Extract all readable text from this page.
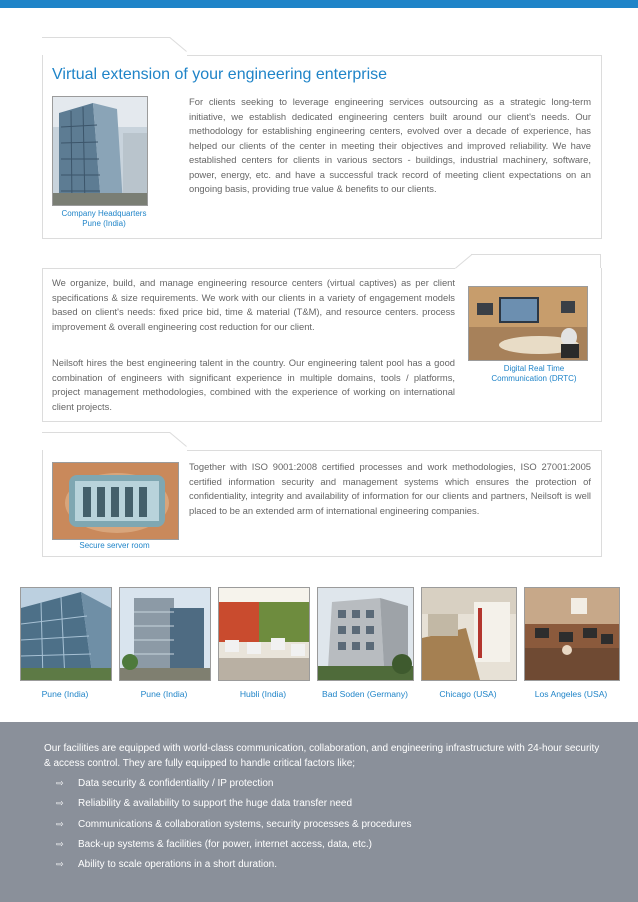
Virtual extension of your engineering enterprise

Company Headquarters
Pune (India)

For clients seeking to leverage engineering services outsourcing as a strategic long-term initiative, we establish dedicated engineering centers built around our client's needs. Our methodology for establishing engineering centers, evolved over a decade of experience, has helped our clients of the center in meeting their objectives and improved reliability. We have established centers for clients in various sectors - buildings, industrial machinery, software, power, energy, etc. and have a successful track record of meeting client expectations on an ongoing basis, providing true value & benefits to our clients.

We organize, build, and manage engineering resource centers (virtual captives) as per client specifications & size requirements. We work with our clients in a variety of engagement models based on client's needs: fixed price bid, time & material (T&M), and resource centers. process improvement & overall engineering cost reduction for our client.

Neilsoft hires the best engineering talent in the country. Our engineering talent pool has a good combination of engineers with significant experience in multiple domains, tools / platforms, project management methodologies, combined with the experience of working on international client projects.

Digital Real Time
Communication (DRTC)

Secure server room

Together with ISO 9001:2008 certified processes and work methodologies, ISO 27001:2005 certified information security and management systems which ensures the protection of confidentiality, integrity and availability of information for our clients and partners, Neilsoft is well placed to be an extended arm of international engineering companies.

Pune (India)	Pune (India)	Hubli (India)	Bad Soden (Germany)	Chicago (USA)	Los Angeles (USA)

Our facilities are equipped with world-class communication, collaboration, and engineering infrastructure with 24-hour security & access control. They are fully equipped to handle critical factors like;

⇨ Data security & confidentiality / IP protection
⇨ Reliability & availability to support the huge data transfer need
⇨ Communications & collaboration systems, security processes & procedures
⇨ Back-up systems & facilities (for power, internet access, data, etc.)
⇨ Ability to scale operations in a short duration.
